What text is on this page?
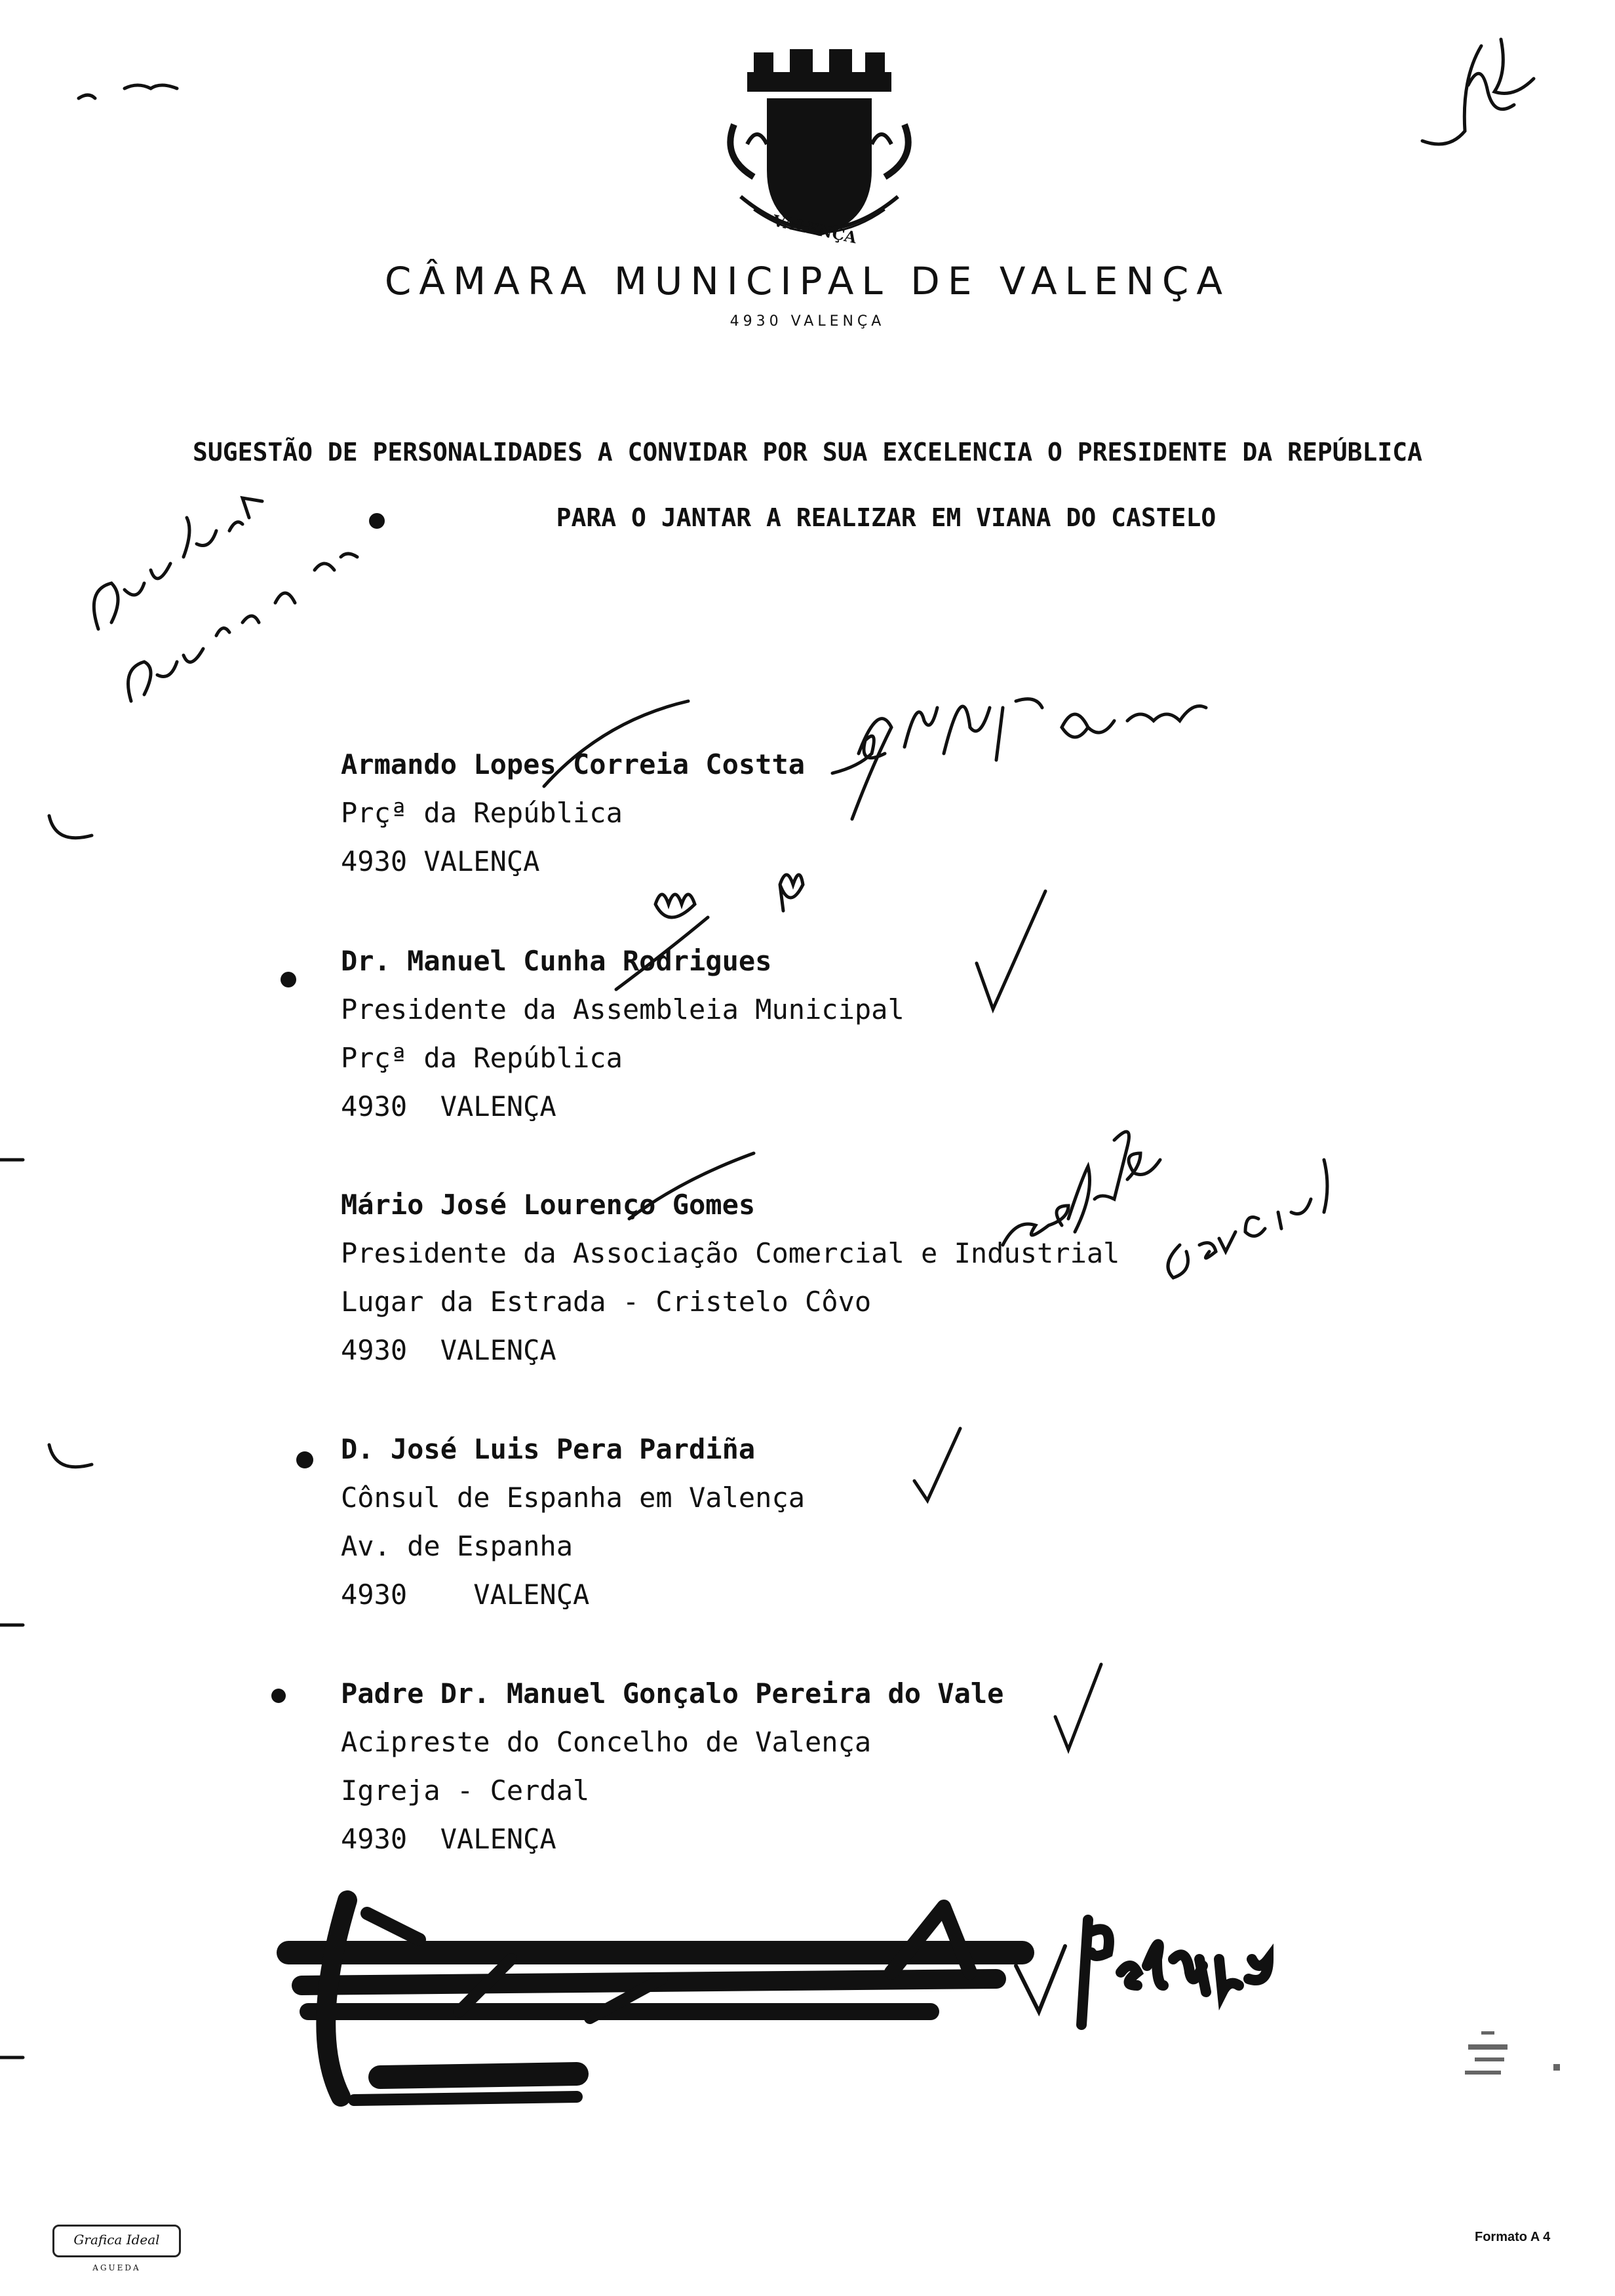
VALENÇA
CÂMARA MUNICIPAL DE VALENÇA
4930 VALENÇA
SUGESTÃO DE PERSONALIDADES A CONVIDAR POR SUA EXCELENCIA O PRESIDENTE DA REPÚBLICA
PARA O JANTAR A REALIZAR EM VIANA DO CASTELO
Armando Lopes Correia Costta
Prçª da República
4930 VALENÇA
Dr. Manuel Cunha Rodrigues
Presidente da Assembleia Municipal
Prçª da República
4930  VALENÇA
Mário José Lourenço Gomes
Presidente da Associação Comercial e Industrial
Lugar da Estrada - Cristelo Côvo
4930  VALENÇA
D. José Luis Pera Pardiña
Cônsul de Espanha em Valença
Av. de Espanha
4930    VALENÇA
Padre Dr. Manuel Gonçalo Pereira do Vale
Acipreste do Concelho de Valença
Igreja - Cerdal
4930  VALENÇA
Grafica Ideal AGUEDA
Formato A 4
